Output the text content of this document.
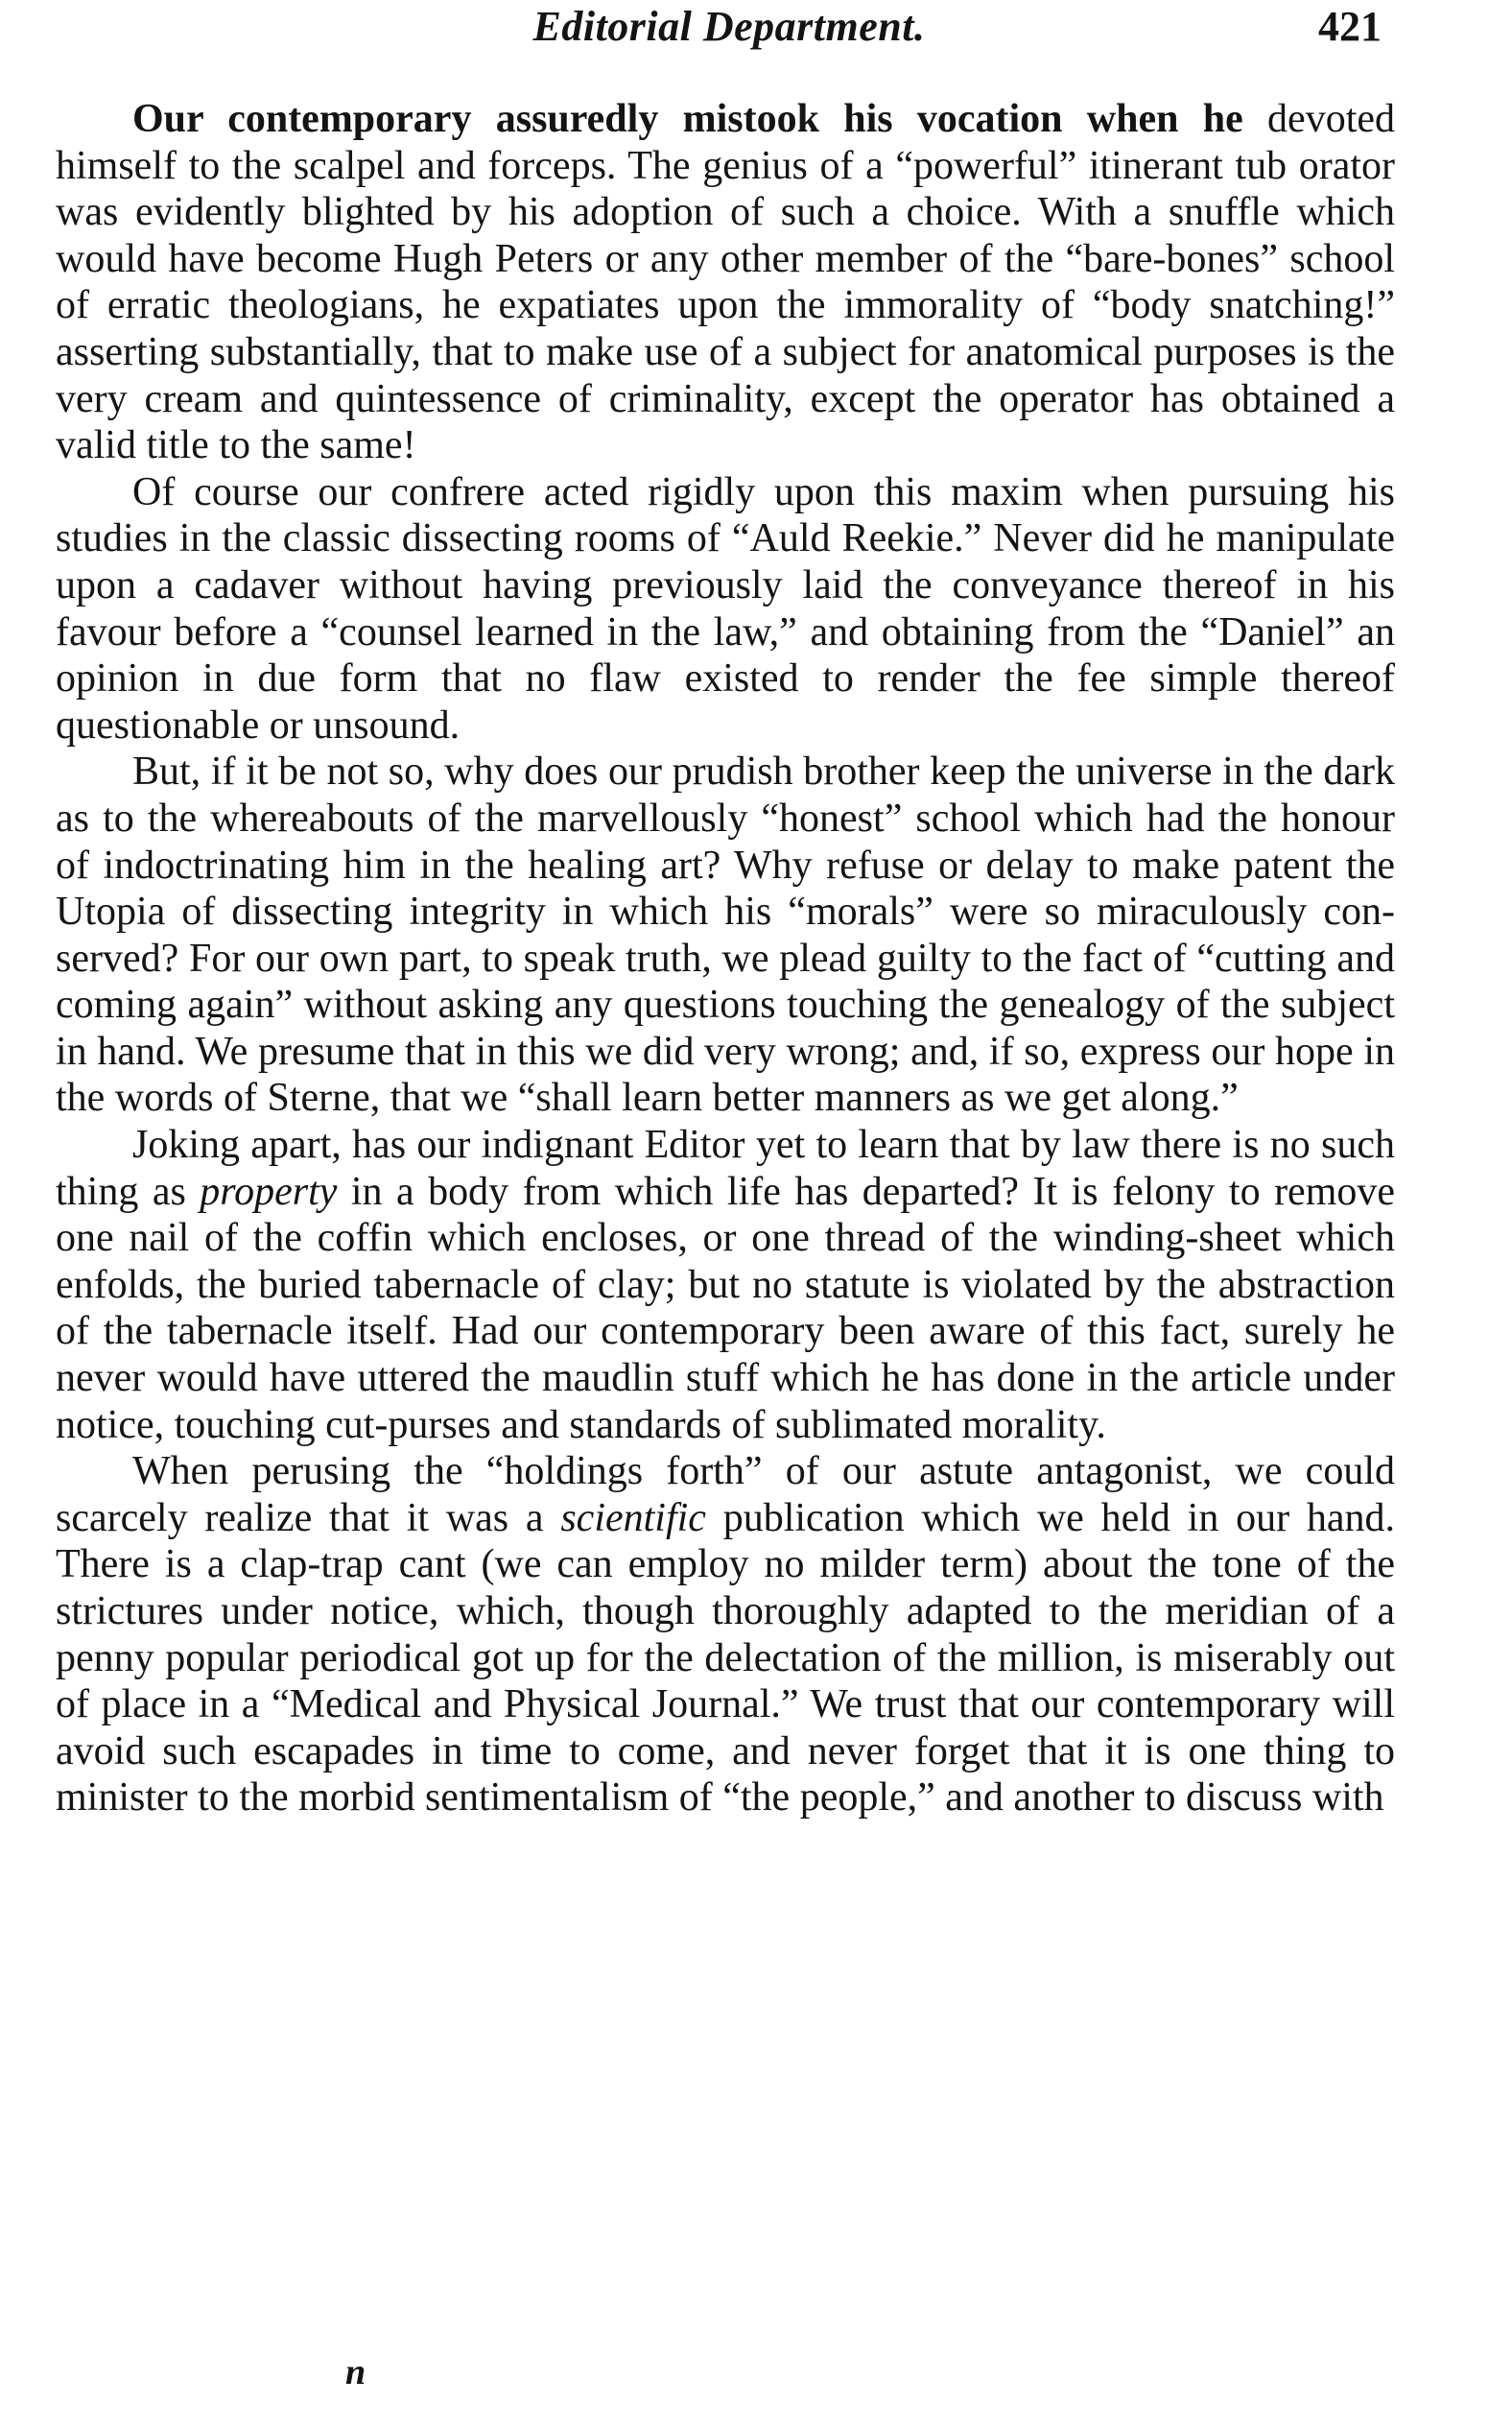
Editorial Department.	421

Our contemporary assuredly mistook his vocation when he devoted himself to the scalpel and forceps. The genius of a “powerful” itinerant tub orator was evidently blighted by his adoption of such a choice. With a snuffle which would have become Hugh Peters or any other member of the “bare-bones” school of erratic theologians, he expatiates upon the immorality of “body snatching!” asserting substantially, that to make use of a subject for anatomical purposes is the very cream and quintessence of criminality, except the operator has obtained a valid title to the same!

Of course our confrere acted rigidly upon this maxim when pursuing his studies in the classic dissecting rooms of “Auld Reekie.” Never did he manipulate upon a cadaver without having previously laid the conveyance thereof in his favour before a “counsel learned in the law,” and obtaining from the “Daniel” an opinion in due form that no flaw existed to render the fee simple thereof questionable or unsound.

But, if it be not so, why does our prudish brother keep the universe in the dark as to the whereabouts of the marvellously “honest” school which had the honour of indoctrinating him in the healing art? Why refuse or delay to make patent the Utopia of dissecting integrity in which his “morals” were so miraculously conserved? For our own part, to speak truth, we plead guilty to the fact of “cutting and coming again” without asking any questions touching the genealogy of the subject in hand. We presume that in this we did very wrong; and, if so, express our hope in the words of Sterne, that we “shall learn better manners as we get along.”

Joking apart, has our indignant Editor yet to learn that by law there is no such thing as property in a body from which life has departed? It is felony to remove one nail of the coffin which encloses, or one thread of the winding-sheet which enfolds, the buried tabernacle of clay; but no statute is violated by the abstraction of the tabernacle itself. Had our contemporary been aware of this fact, surely he never would have uttered the maudlin stuff which he has done in the article under notice, touching cut-purses and standards of sublimated morality.

When perusing the “holdings forth” of our astute antagonist, we could scarcely realize that it was a scientific publication which we held in our hand. There is a clap-trap cant (we can employ no milder term) about the tone of the strictures under notice, which, though thoroughly adapted to the meridian of a penny popular periodical got up for the delectation of the million, is miserably out of place in a “Medical and Physical Journal.” We trust that our contemporary will avoid such escapades in time to come, and never forget that it is one thing to minister to the morbid sentimentalism of “the people,” and another to discuss with

n
